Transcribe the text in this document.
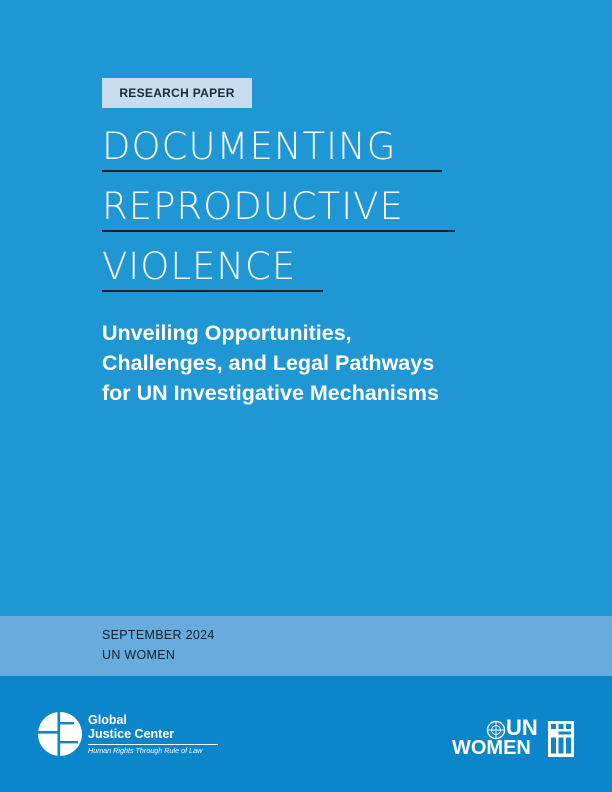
RESEARCH PAPER
DOCUMENTING
REPRODUCTIVE
VIOLENCE
Unveiling Opportunities,
Challenges, and Legal Pathways
for UN Investigative Mechanisms
SEPTEMBER 2024
UN WOMEN
Global
Justice Center
Human Rights Through Rule of Law
UN
WOMEN
